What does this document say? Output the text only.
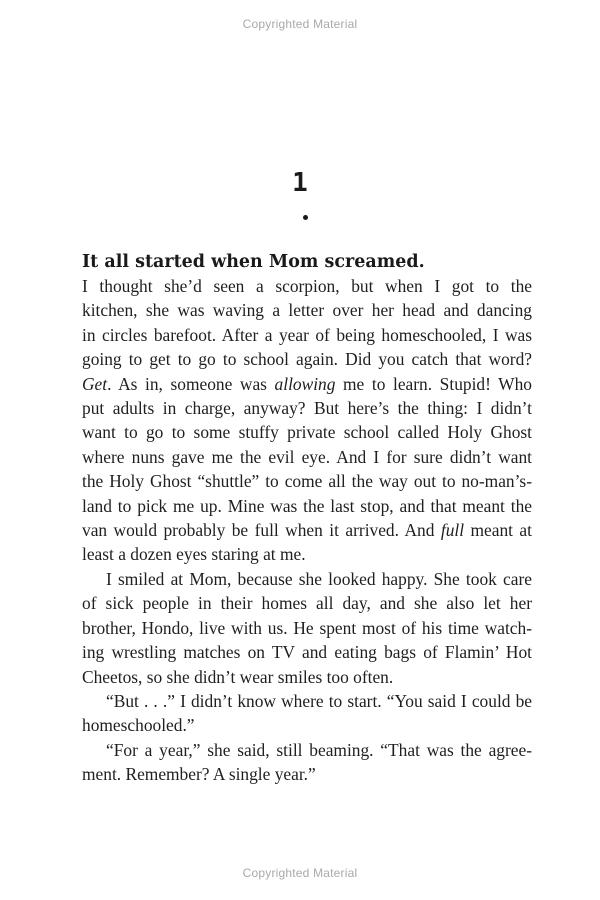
Copyrighted Material
1

It all started when Mom screamed.

I thought she’d seen a scorpion, but when I got to the
kitchen, she was waving a letter over her head and dancing
in circles barefoot. After a year of being homeschooled, I was
going to get to go to school again. Did you catch that word?
Get. As in, someone was allowing me to learn. Stupid! Who
put adults in charge, anyway? But here’s the thing: I didn’t
want to go to some stuffy private school called Holy Ghost
where nuns gave me the evil eye. And I for sure didn’t want
the Holy Ghost “shuttle” to come all the way out to no-man’s-
land to pick me up. Mine was the last stop, and that meant the
van would probably be full when it arrived. And full meant at
least a dozen eyes staring at me.
I smiled at Mom, because she looked happy. She took care
of sick people in their homes all day, and she also let her
brother, Hondo, live with us. He spent most of his time watch-
ing wrestling matches on TV and eating bags of Flamin’ Hot
Cheetos, so she didn’t wear smiles too often.
“But . . .” I didn’t know where to start. “You said I could be
homeschooled.”
“For a year,” she said, still beaming. “That was the agree-
ment. Remember? A single year.”
Copyrighted Material
